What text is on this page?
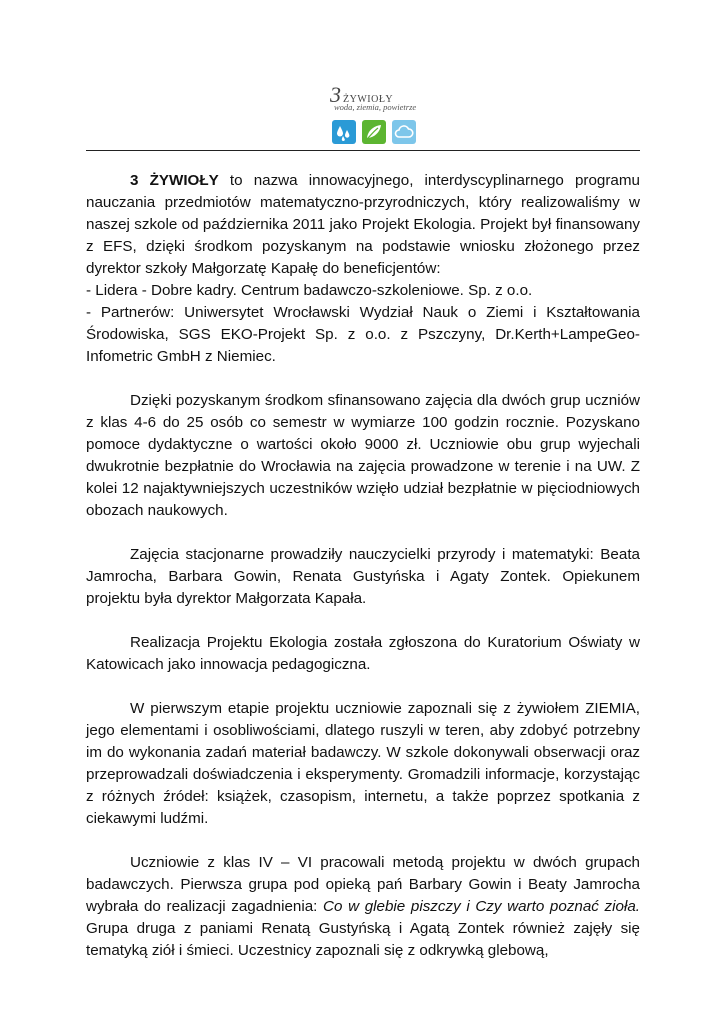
3 ŻYWIOŁY
woda, ziemia, powietrze

3 ŻYWIOŁY to nazwa innowacyjnego, interdyscyplinarnego programu nauczania przedmiotów matematyczno-przyrodniczych, który realizowaliśmy w naszej szkole od października 2011 jako Projekt Ekologia. Projekt był finansowany z EFS, dzięki środkom pozyskanym na podstawie wniosku złożonego przez dyrektor szkoły Małgorzatę Kapałę do beneficjentów:

- Lidera - Dobre kadry. Centrum badawczo-szkoleniowe. Sp. z o.o.

- Partnerów: Uniwersytet Wrocławski Wydział Nauk o Ziemi i Kształtowania Środowiska, SGS EKO-Projekt Sp. z o.o. z Pszczyny, Dr.Kerth+LampeGeo-Infometric GmbH z Niemiec.

Dzięki pozyskanym środkom sfinansowano zajęcia dla dwóch grup uczniów z klas 4-6 do 25 osób co semestr w wymiarze 100 godzin rocznie. Pozyskano pomoce dydaktyczne o wartości około 9000 zł. Uczniowie obu grup wyjechali dwukrotnie bezpłatnie do Wrocławia na zajęcia prowadzone w terenie i na UW. Z kolei 12 najaktywniejszych uczestników wzięło udział bezpłatnie w pięciodniowych obozach naukowych.

Zajęcia stacjonarne prowadziły nauczycielki przyrody i matematyki: Beata Jamrocha, Barbara Gowin, Renata Gustyńska i Agaty Zontek. Opiekunem projektu była dyrektor Małgorzata Kapała.

Realizacja Projektu Ekologia została zgłoszona do Kuratorium Oświaty w Katowicach jako innowacja pedagogiczna.

W pierwszym etapie projektu uczniowie zapoznali się z żywiołem ZIEMIA, jego elementami i osobliwościami, dlatego ruszyli w teren, aby zdobyć potrzebny im do wykonania zadań materiał badawczy. W szkole dokonywali obserwacji oraz przeprowadzali doświadczenia i eksperymenty. Gromadzili informacje, korzystając z różnych źródeł: książek, czasopism, internetu, a także poprzez spotkania z ciekawymi ludźmi.

Uczniowie z klas IV – VI pracowali metodą projektu w dwóch grupach badawczych. Pierwsza grupa pod opieką pań Barbary Gowin i Beaty Jamrocha wybrała do realizacji zagadnienia: Co w glebie piszczy i Czy warto poznać zioła. Grupa druga z paniami Renatą Gustyńską i Agatą Zontek również zajęły się tematyką ziół i śmieci. Uczestnicy zapoznali się z odkrywką glebową,
